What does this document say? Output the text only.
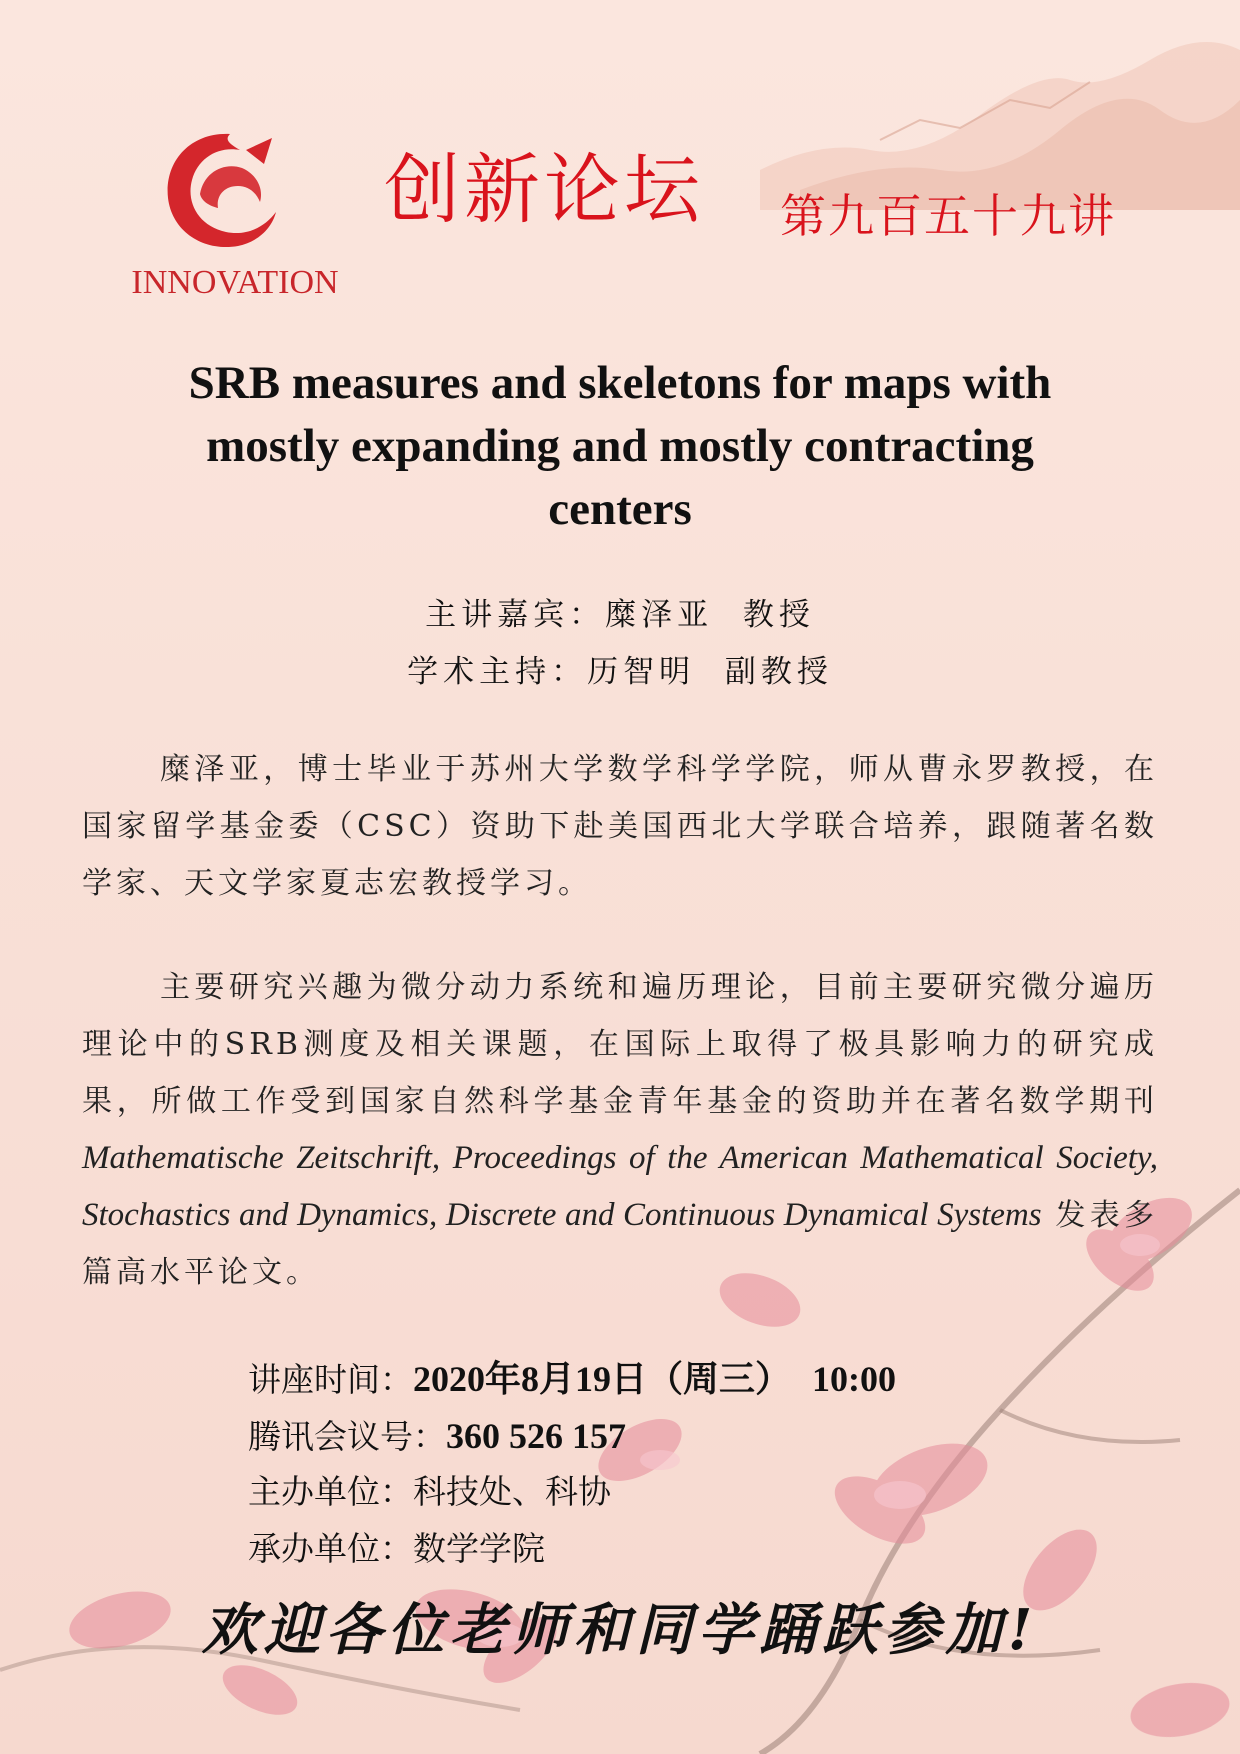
INNOVATION
创新论坛 第九百五十九讲
SRB measures and skeletons for maps with mostly expanding and mostly contracting centers
主讲嘉宾：糜泽亚  教授
学术主持：历智明  副教授
糜泽亚，博士毕业于苏州大学数学科学学院，师从曹永罗教授，在国家留学基金委（CSC）资助下赴美国西北大学联合培养，跟随著名数学家、天文学家夏志宏教授学习。
主要研究兴趣为微分动力系统和遍历理论，目前主要研究微分遍历理论中的SRB测度及相关课题，在国际上取得了极具影响力的研究成果，所做工作受到国家自然科学基金青年基金的资助并在著名数学期刊 Mathematische Zeitschrift, Proceedings of the American Mathematical Society, Stochastics and Dynamics, Discrete and Continuous Dynamical Systems 发表多篇高水平论文。
讲座时间：2020年8月19日（周三） 10:00
腾讯会议号：360 526 157
主办单位：科技处、科协
承办单位：数学学院
欢迎各位老师和同学踊跃参加!
